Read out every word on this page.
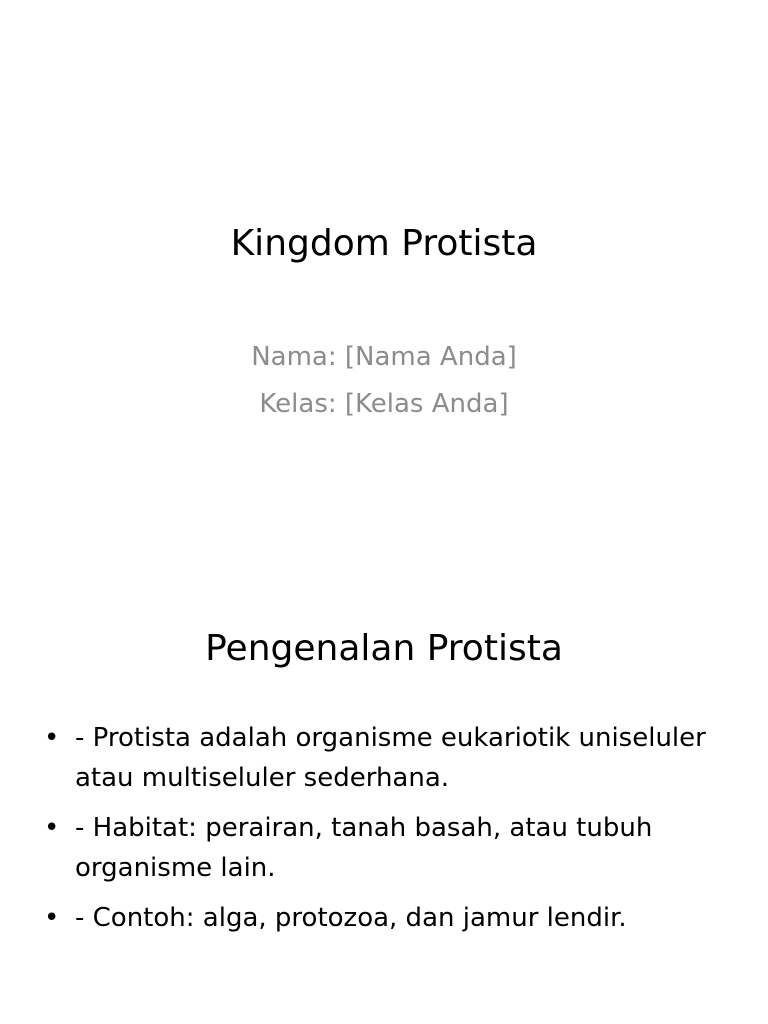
Kingdom Protista
Nama: [Nama Anda]
Kelas: [Kelas Anda]
Pengenalan Protista
• - Protista adalah organisme eukariotik uniseluler atau multiseluler sederhana.
• - Habitat: perairan, tanah basah, atau tubuh organisme lain.
• - Contoh: alga, protozoa, dan jamur lendir.
